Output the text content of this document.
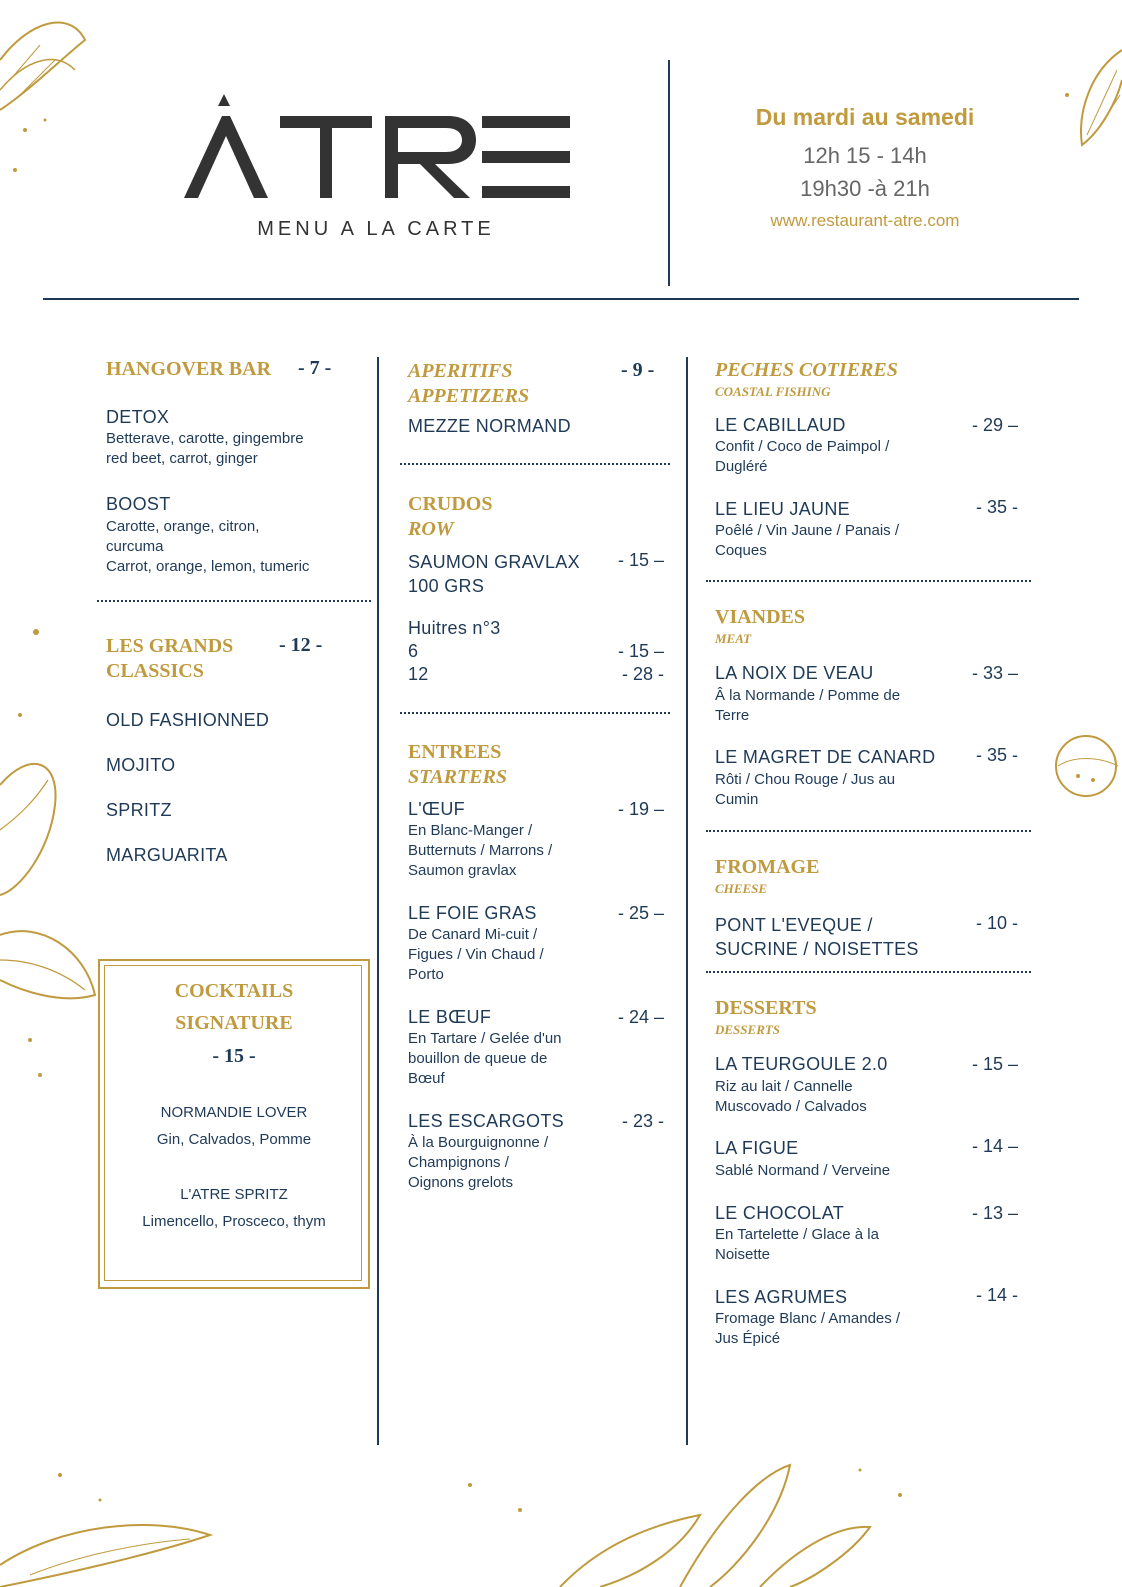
MENU A LA CARTE
Du mardi au samedi
12h 15 - 14h
19h30 -à 21h
www.restaurant-atre.com
HANGOVER BAR - 7 -
DETOX
Betterave, carotte, gingembre
red beet, carrot, ginger
BOOST
Carotte, orange, citron,
curcuma
Carrot, orange, lemon, tumeric
LES GRANDS
CLASSICS
- 12 -
OLD FASHIONNED
MOJITO
SPRITZ
MARGUARITA
COCKTAILS
SIGNATURE
- 15 -
NORMANDIE LOVER
Gin, Calvados, Pomme
L'ATRE SPRITZ
Limencello, Prosceco, thym
APERITIFS
APPETIZERS
- 9 -
MEZZE NORMAND
CRUDOS
ROW
SAUMON GRAVLAX
100 GRS
- 15 –
Huitres n°3
6	- 15 –
12	- 28 -
ENTREES
STARTERS
L'ŒUF	- 19 –
En Blanc-Manger /
Butternuts / Marrons /
Saumon gravlax
LE FOIE GRAS	- 25 –
De Canard Mi-cuit /
Figues / Vin Chaud /
Porto
LE BŒUF	- 24 –
En Tartare / Gelée d'un
bouillon de queue de
Bœuf
LES ESCARGOTS	- 23 -
À la Bourguignonne /
Champignons /
Oignons grelots
PECHES COTIERES
COASTAL FISHING
LE CABILLAUD	- 29 –
Confit / Coco de Paimpol /
Dugléré
LE LIEU JAUNE	- 35 -
Poêlé / Vin Jaune / Panais /
Coques
VIANDES
MEAT
LA NOIX DE VEAU	- 33 –
Â la Normande / Pomme de
Terre
LE MAGRET DE CANARD	- 35 -
Rôti / Chou Rouge / Jus au
Cumin
FROMAGE
CHEESE
PONT L'EVEQUE /
SUCRINE / NOISETTES
- 10 -
DESSERTS
DESSERTS
LA TEURGOULE 2.0	- 15 –
Riz au lait / Cannelle
Muscovado / Calvados
LA FIGUE	- 14 –
Sablé Normand / Verveine
LE CHOCOLAT	- 13 –
En Tartelette / Glace à la
Noisette
LES AGRUMES	- 14 -
Fromage Blanc / Amandes /
Jus Épicé
